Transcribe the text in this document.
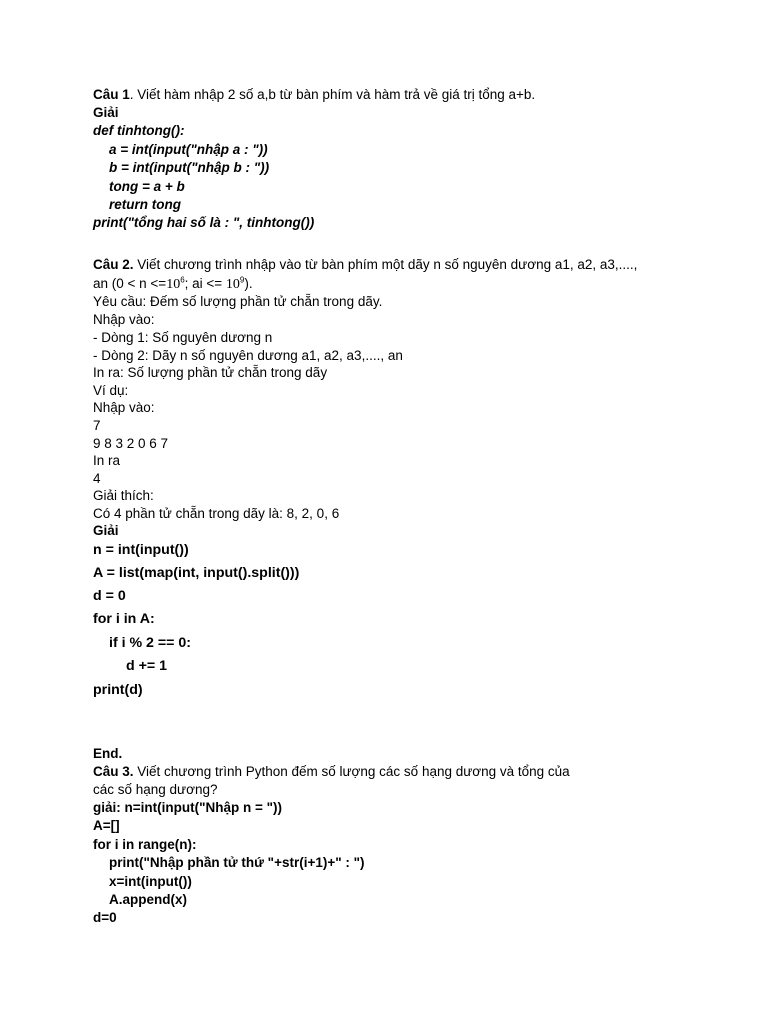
Câu 1. Viết hàm nhập 2 số a,b từ bàn phím và hàm trả về giá trị tổng a+b.
Giải
def tinhtong():
a = int(input("nhập a : "))
b = int(input("nhập b : "))
tong = a + b
return tong
print("tổng hai số là : ", tinhtong())
Câu 2. Viết chương trình nhập vào từ bàn phím một dãy n số nguyên dương a1, a2, a3,....,
an ($0 < n <=10^6$; ai <= $10^9$).
Yêu cầu: Đếm số lượng phần tử chẵn trong dãy.
Nhập vào:
- Dòng 1: Số nguyên dương n
- Dòng 2: Dãy n số nguyên dương a1, a2, a3,...., an
In ra: Số lượng phần tử chẵn trong dãy
Ví dụ:
Nhập vào:
7
9 8 3 2 0 6 7
In ra
4
Giải thích:
Có 4 phần tử chẵn trong dãy là: 8, 2, 0, 6
Giải
n = int(input())
A = list(map(int, input().split()))
d = 0
for i in A:
if i % 2 == 0:
d += 1
print(d)
End.
Câu 3. Viết chương trình Python đếm số lượng các số hạng dương và tổng của
các số hạng dương?
giải: n=int(input("Nhập n = "))
A=[]
for i in range(n):
print("Nhập phần tử thứ "+str(i+1)+" : ")
x=int(input())
A.append(x)
d=0
